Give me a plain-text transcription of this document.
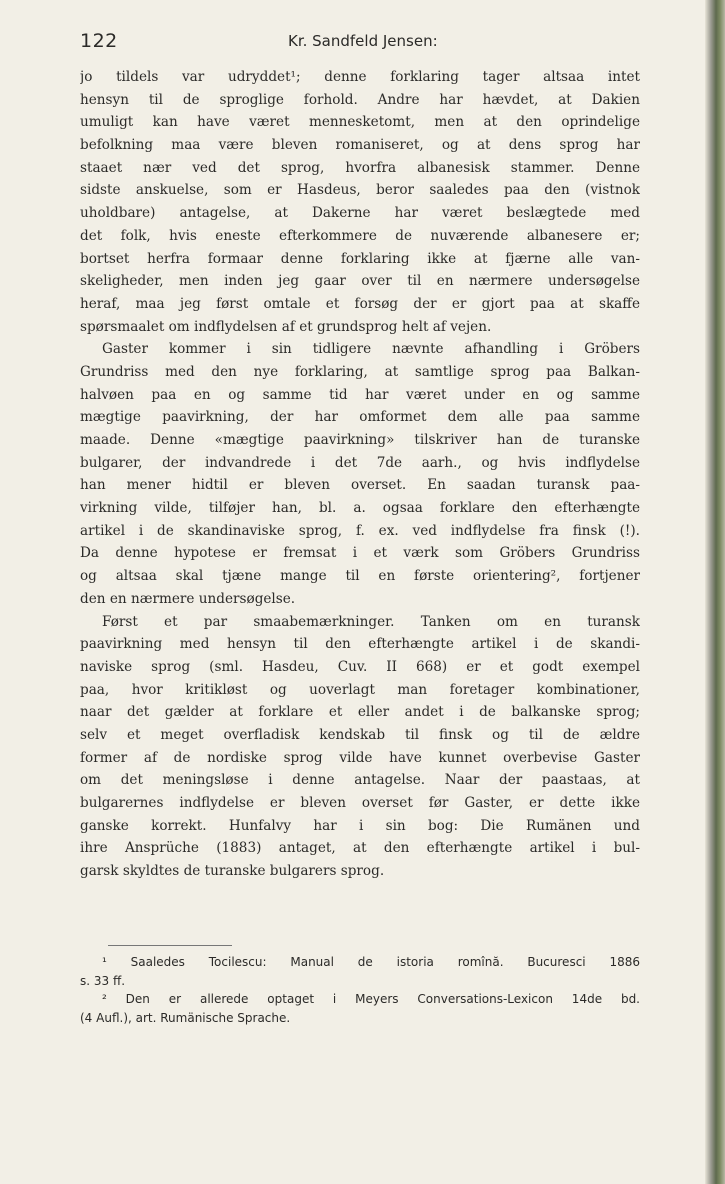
122	Kr. Sandfeld Jensen:
jo tildels var udryddet¹; denne forklaring tager altsaa intet
hensyn til de sproglige forhold. Andre har hævdet, at Dakien
umuligt kan have været mennesketomt, men at den oprindelige
befolkning maa være bleven romaniseret, og at dens sprog har
staaet nær ved det sprog, hvorfra albanesisk stammer. Denne
sidste anskuelse, som er Hasdeus, beror saaledes paa den (vistnok
uholdbare) antagelse, at Dakerne har været beslægtede med
det folk, hvis eneste efterkommere de nuværende albanesere er;
bortset herfra formaar denne forklaring ikke at fjærne alle van-
skeligheder, men inden jeg gaar over til en nærmere undersøgelse
heraf, maa jeg først omtale et forsøg der er gjort paa at skaffe
spørsmaalet om indflydelsen af et grundsprog helt af vejen.
Gaster kommer i sin tidligere nævnte afhandling i Gröbers
Grundriss med den nye forklaring, at samtlige sprog paa Balkan-
halvøen paa en og samme tid har været under en og samme
mægtige paavirkning, der har omformet dem alle paa samme
maade. Denne «mægtige paavirkning» tilskriver han de turanske
bulgarer, der indvandrede i det 7de aarh., og hvis indflydelse
han mener hidtil er bleven overset. En saadan turansk paa-
virkning vilde, tilføjer han, bl. a. ogsaa forklare den efterhængte
artikel i de skandinaviske sprog, f. ex. ved indflydelse fra finsk (!).
Da denne hypotese er fremsat i et værk som Gröbers Grundriss
og altsaa skal tjæne mange til en første orientering², fortjener
den en nærmere undersøgelse.
Først et par smaabemærkninger. Tanken om en turansk
paavirkning med hensyn til den efterhængte artikel i de skandi-
naviske sprog (sml. Hasdeu, Cuv. II 668) er et godt exempel
paa, hvor kritikløst og uoverlagt man foretager kombinationer,
naar det gælder at forklare et eller andet i de balkanske sprog;
selv et meget overfladisk kendskab til finsk og til de ældre
former af de nordiske sprog vilde have kunnet overbevise Gaster
om det meningsløse i denne antagelse. Naar der paastaas, at
bulgarernes indflydelse er bleven overset før Gaster, er dette ikke
ganske korrekt. Hunfalvy har i sin bog: Die Rumänen und
ihre Ansprüche (1883) antaget, at den efterhængte artikel i bul-
garsk skyldtes de turanske bulgarers sprog.
¹ Saaledes Tocilescu: Manual de istoria romînă. Bucuresci 1886
s. 33 ff.
² Den er allerede optaget i Meyers Conversations-Lexicon 14de bd.
(4 Aufl.), art. Rumänische Sprache.
